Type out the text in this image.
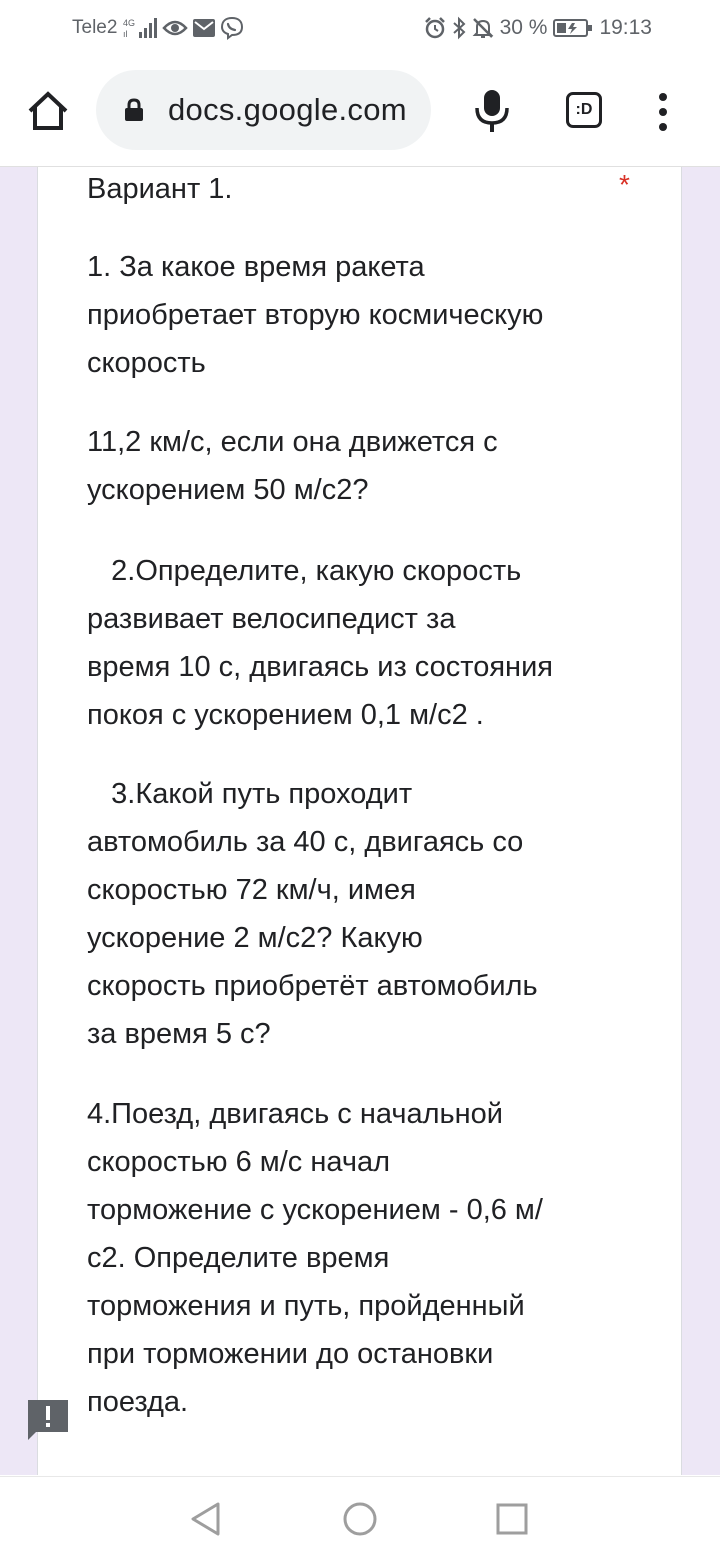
Tele2 4G
ıl	30 % 19:13
docs.google.com	:D
Вариант 1.	*

1. За какое время ракета
приобретает вторую космическую
скорость

11,2 км/с, если она движется с
ускорением 50 м/с2?

2.Определите, какую скорость
развивает велосипедист за
время 10 с, двигаясь из состояния
покоя с ускорением 0,1 м/с2 .

3.Какой путь проходит
автомобиль за 40 с, двигаясь со
скоростью 72 км/ч, имея
ускорение 2 м/с2? Какую
скорость приобретёт автомобиль
за время 5 с?

4.Поезд, двигаясь с начальной
скоростью 6 м/с начал
торможение с ускорением - 0,6 м/
с2. Определите время
торможения и путь, пройденный
при торможении до остановки
поезда.
